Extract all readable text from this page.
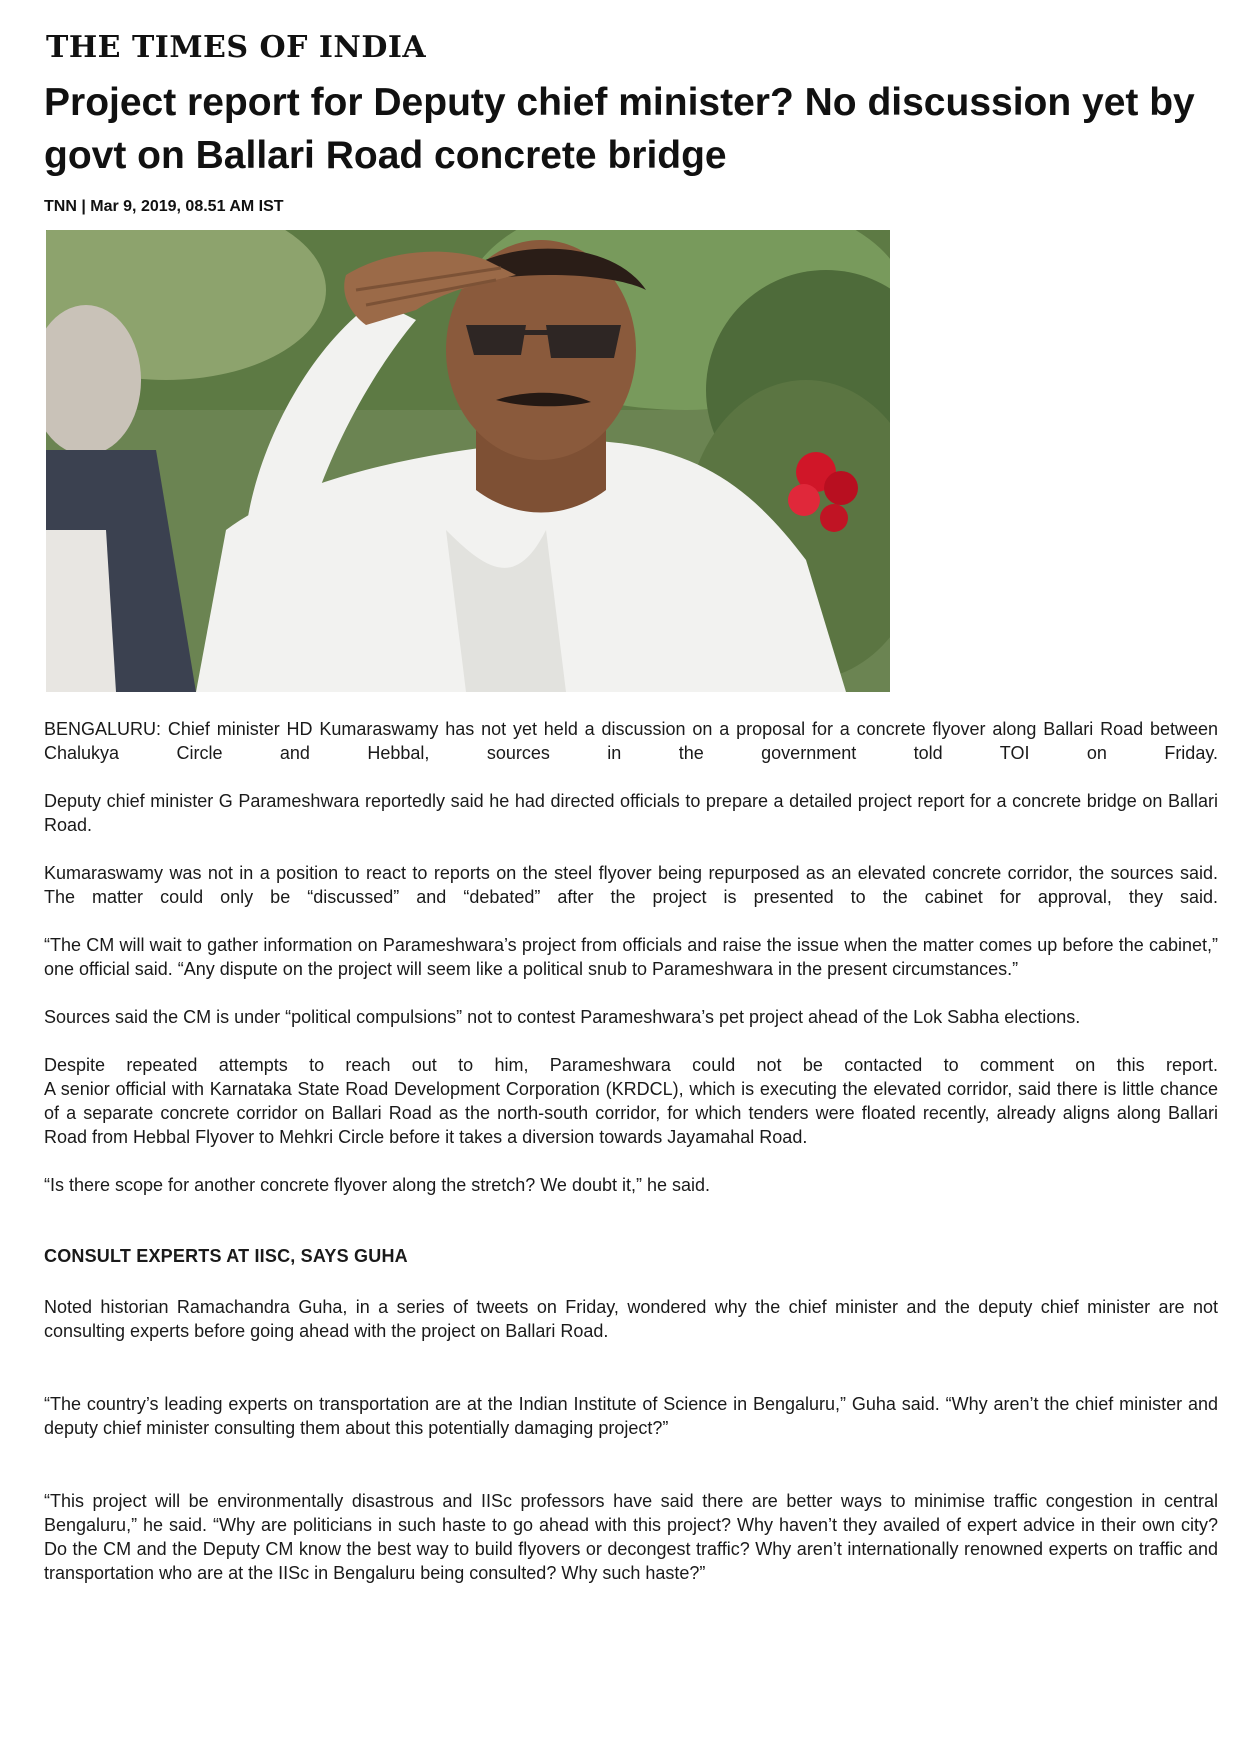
THE TIMES OF INDIA
Project report for Deputy chief minister? No discussion yet by govt on Ballari Road concrete bridge
TNN | Mar 9, 2019, 08.51 AM IST

BENGALURU: Chief minister HD Kumaraswamy has not yet held a discussion on a proposal for a concrete flyover along Ballari Road between Chalukya Circle and Hebbal, sources in the government told TOI on Friday.

Deputy chief minister G Parameshwara reportedly said he had directed officials to prepare a detailed project report for a concrete bridge on Ballari Road.

Kumaraswamy was not in a position to react to reports on the steel flyover being repurposed as an elevated concrete corridor, the sources said. The matter could only be “discussed” and “debated” after the project is presented to the cabinet for approval, they said.

“The CM will wait to gather information on Parameshwara’s project from officials and raise the issue when the matter comes up before the cabinet,” one official said. “Any dispute on the project will seem like a political snub to Parameshwara in the present circumstances.”

Sources said the CM is under “political compulsions” not to contest Parameshwara’s pet project ahead of the Lok Sabha elections.

Despite repeated attempts to reach out to him, Parameshwara could not be contacted to comment on this report.

A senior official with Karnataka State Road Development Corporation (KRDCL), which is executing the elevated corridor, said there is little chance of a separate concrete corridor on Ballari Road as the north-south corridor, for which tenders were floated recently, already aligns along Ballari Road from Hebbal Flyover to Mehkri Circle before it takes a diversion towards Jayamahal Road.

“Is there scope for another concrete flyover along the stretch? We doubt it,” he said.

CONSULT EXPERTS AT IISC, SAYS GUHA

Noted historian Ramachandra Guha, in a series of tweets on Friday, wondered why the chief minister and the deputy chief minister are not consulting experts before going ahead with the project on Ballari Road.

“The country’s leading experts on transportation are at the Indian Institute of Science in Bengaluru,” Guha said. “Why aren’t the chief minister and deputy chief minister consulting them about this potentially damaging project?”

“This project will be environmentally disastrous and IISc professors have said there are better ways to minimise traffic congestion in central Bengaluru,” he said. “Why are politicians in such haste to go ahead with this project? Why haven’t they availed of expert advice in their own city? Do the CM and the Deputy CM know the best way to build flyovers or decongest traffic? Why aren’t internationally renowned experts on traffic and transportation who are at the IISc in Bengaluru being consulted? Why such haste?”
